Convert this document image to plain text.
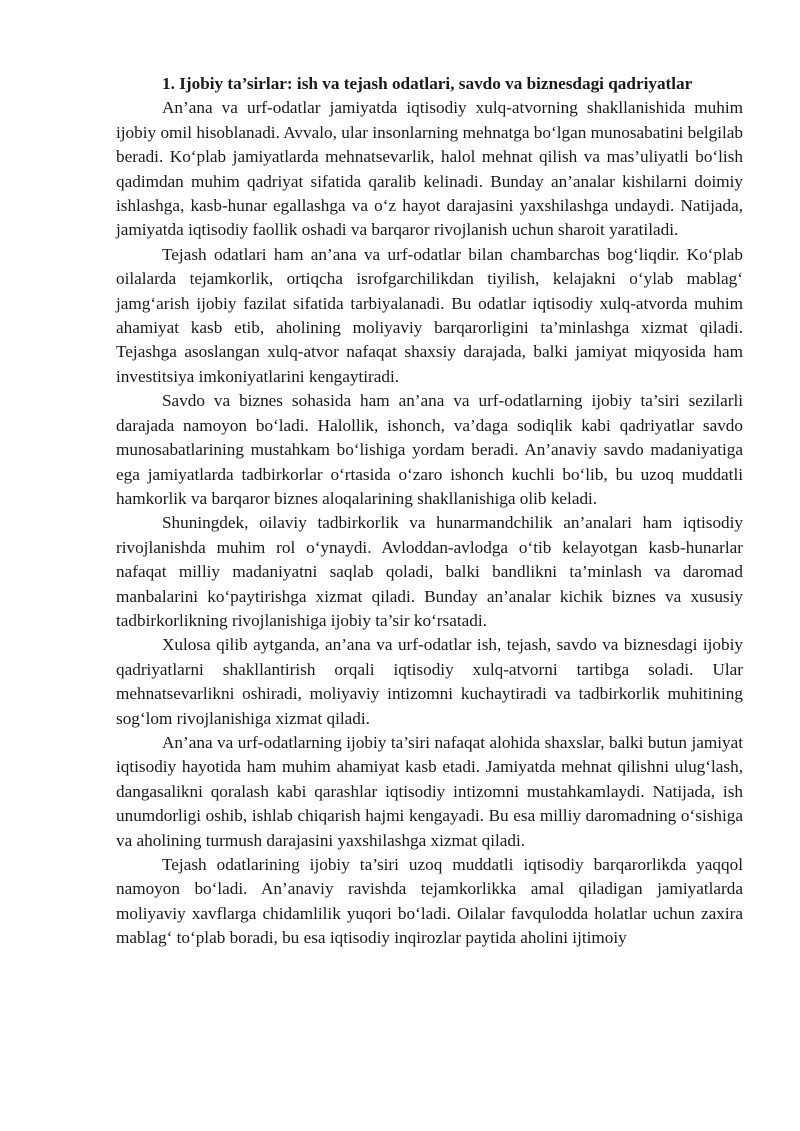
1. Ijobiy ta’sirlar: ish va tejash odatlari, savdo va biznesdagi qadriyatlar

An’ana va urf-odatlar jamiyatda iqtisodiy xulq-atvorning shakllanishida muhim ijobiy omil hisoblanadi. Avvalo, ular insonlarning mehnatga bo‘lgan munosabatini belgilab beradi. Ko‘plab jamiyatlarda mehnatsevarlik, halol mehnat qilish va mas’uliyatli bo‘lish qadimdan muhim qadriyat sifatida qaralib kelinadi. Bunday an’analar kishilarni doimiy ishlashga, kasb-hunar egallashga va o‘z hayot darajasini yaxshilashga undaydi. Natijada, jamiyatda iqtisodiy faollik oshadi va barqaror rivojlanish uchun sharoit yaratiladi.

Tejash odatlari ham an’ana va urf-odatlar bilan chambarchas bog‘liqdir. Ko‘plab oilalarda tejamkorlik, ortiqcha isrofgarchilikdan tiyilish, kelajakni o‘ylab mablag‘ jamg‘arish ijobiy fazilat sifatida tarbiyalanadi. Bu odatlar iqtisodiy xulq-atvorda muhim ahamiyat kasb etib, aholining moliyaviy barqarorligini ta’minlashga xizmat qiladi. Tejashga asoslangan xulq-atvor nafaqat shaxsiy darajada, balki jamiyat miqyosida ham investitsiya imkoniyatlarini kengaytiradi.

Savdo va biznes sohasida ham an’ana va urf-odatlarning ijobiy ta’siri sezilarli darajada namoyon bo‘ladi. Halollik, ishonch, va’daga sodiqlik kabi qadriyatlar savdo munosabatlarining mustahkam bo‘lishiga yordam beradi. An’anaviy savdo madaniyatiga ega jamiyatlarda tadbirkorlar o‘rtasida o‘zaro ishonch kuchli bo‘lib, bu uzoq muddatli hamkorlik va barqaror biznes aloqalarining shakllanishiga olib keladi.

Shuningdek, oilaviy tadbirkorlik va hunarmandchilik an’analari ham iqtisodiy rivojlanishda muhim rol o‘ynaydi. Avloddan-avlodga o‘tib kelayotgan kasb-hunarlar nafaqat milliy madaniyatni saqlab qoladi, balki bandlikni ta’minlash va daromad manbalarini ko‘paytirishga xizmat qiladi. Bunday an’analar kichik biznes va xususiy tadbirkorlikning rivojlanishiga ijobiy ta’sir ko‘rsatadi.

Xulosa qilib aytganda, an’ana va urf-odatlar ish, tejash, savdo va biznesdagi ijobiy qadriyatlarni shakllantirish orqali iqtisodiy xulq-atvorni tartibga soladi. Ular mehnatsevarlikni oshiradi, moliyaviy intizomni kuchaytiradi va tadbirkorlik muhitining sog‘lom rivojlanishiga xizmat qiladi.

An’ana va urf-odatlarning ijobiy ta’siri nafaqat alohida shaxslar, balki butun jamiyat iqtisodiy hayotida ham muhim ahamiyat kasb etadi. Jamiyatda mehnat qilishni ulug‘lash, dangasalikni qoralash kabi qarashlar iqtisodiy intizomni mustahkamlaydi. Natijada, ish unumdorligi oshib, ishlab chiqarish hajmi kengayadi. Bu esa milliy daromadning o‘sishiga va aholining turmush darajasini yaxshilashga xizmat qiladi.

Tejash odatlarining ijobiy ta’siri uzoq muddatli iqtisodiy barqarorlikda yaqqol namoyon bo‘ladi. An’anaviy ravishda tejamkorlikka amal qiladigan jamiyatlarda moliyaviy xavflarga chidamlilik yuqori bo‘ladi. Oilalar favqulodda holatlar uchun zaxira mablag‘ to‘plab boradi, bu esa iqtisodiy inqirozlar paytida aholini ijtimoiy
